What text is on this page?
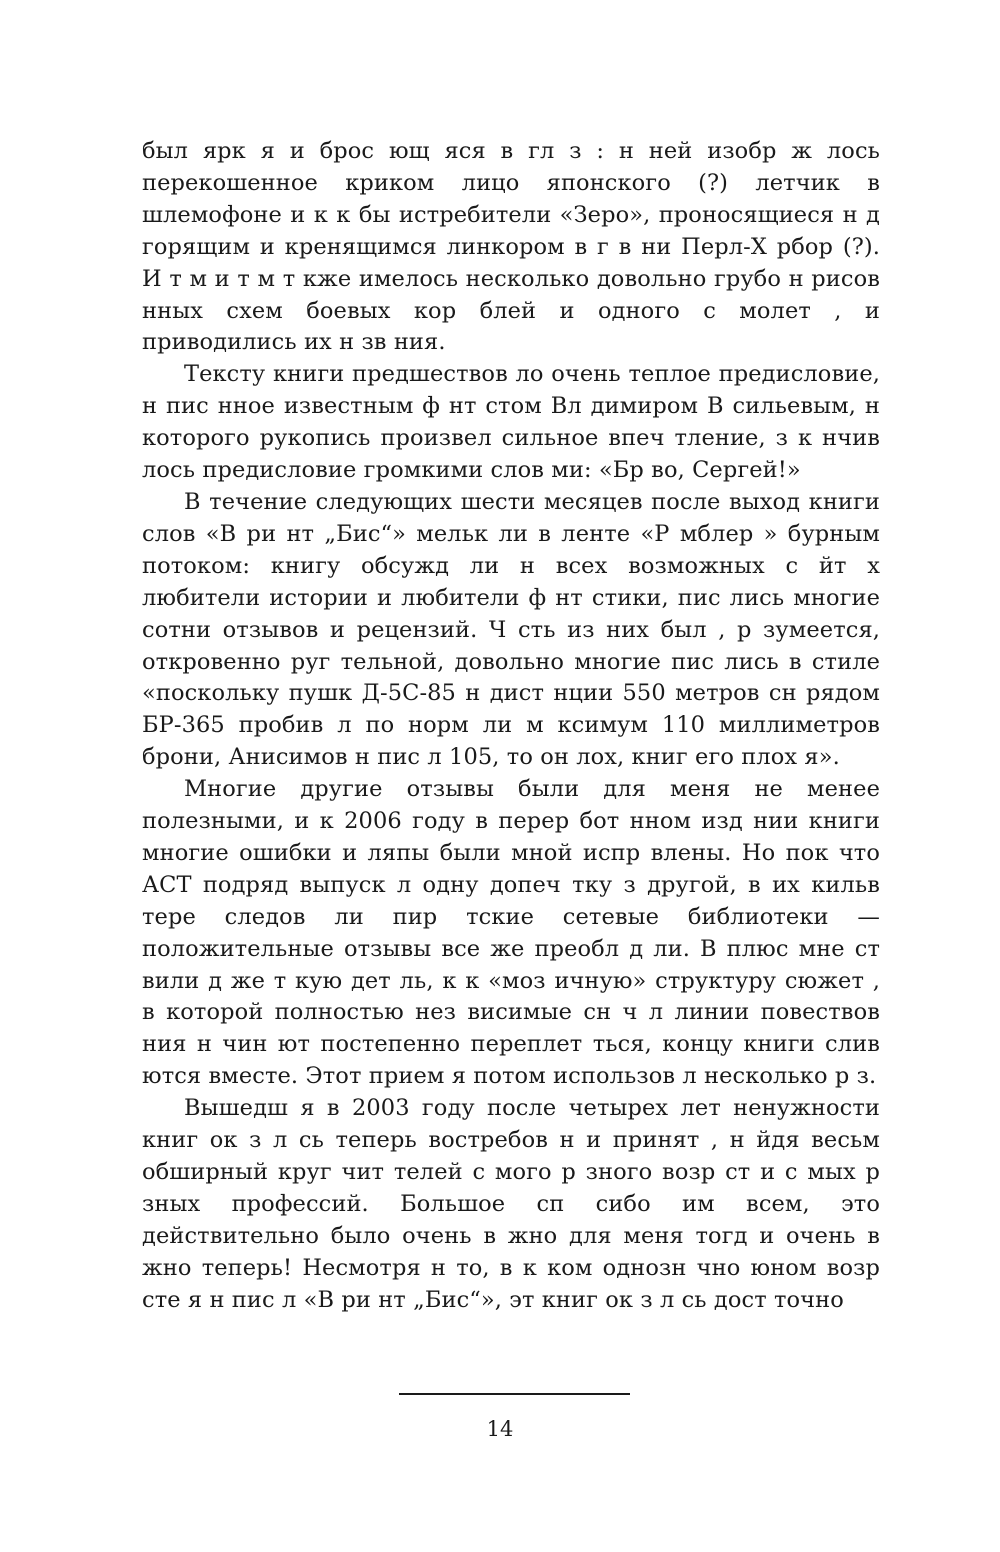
был ярк я и брос ющ яся в гл з : н ней изобр ж лось перекошенное криком лицо японского (?) летчик в шлемофоне и к к бы истребители «Зеро», проносящиеся н д горящим и кренящимся линкором в г в ни Перл-Х рбор (?). И т м и т м т кже имелось несколько довольно грубо н рисов нных схем боевых кор блей и одного с молет , и приводились их н зв ния.

Тексту книги предшествов ло очень теплое предисловие, н пис нное известным ф нт стом Вл димиром В сильевым, н которого рукопись произвел сильное впеч тление, з к нчив лось предисловие громкими слов ми: «Бр во, Сергей!»

В течение следующих шести месяцев после выход книги слов «В ри нт „Бис“» мельк ли в ленте «Р мблер » бурным потоком: книгу обсужд ли н всех возможных с йт х любители истории и любители ф нт стики, пис лись многие сотни отзывов и рецензий. Ч сть из них был , р зумеется, откровенно руг тельной, довольно многие пис лись в стиле «поскольку пушк Д-5С-85 н дист нции 550 метров сн рядом БР-365 пробив л по норм ли м ксимум 110 миллиметров брони, Анисимов н пис л 105, то он лох, книг его плох я».

Многие другие отзывы были для меня не менее полезными, и к 2006 году в перер бот нном изд нии книги многие ошибки и ляпы были мной испр влены. Но пок что АСТ подряд выпуск л одну допеч тку з другой, в их кильв тере следов ли пир тские сетевые библиотеки — положительные отзывы все же преобл д ли. В плюс мне ст вили д же т кую дет ль, к к «моз ичную» структуру сюжет , в которой полностью нез висимые сн ч л линии повествов ния н чин ют постепенно переплет ться, концу книги слив ются вместе. Этот прием я потом использов л несколько р з.

Вышедш я в 2003 году после четырех лет ненужности книг ок з л сь теперь востребов н и принят , н йдя весьм обширный круг чит телей с мого р зного возр ст и с мых р зных профессий. Большое сп сибо им всем, это действительно было очень в жно для меня тогд и очень в жно теперь! Несмотря н то, в к ком однозн чно юном возр сте я н пис л «В ри нт „Бис“», эт книг ок з л сь дост точно

14
